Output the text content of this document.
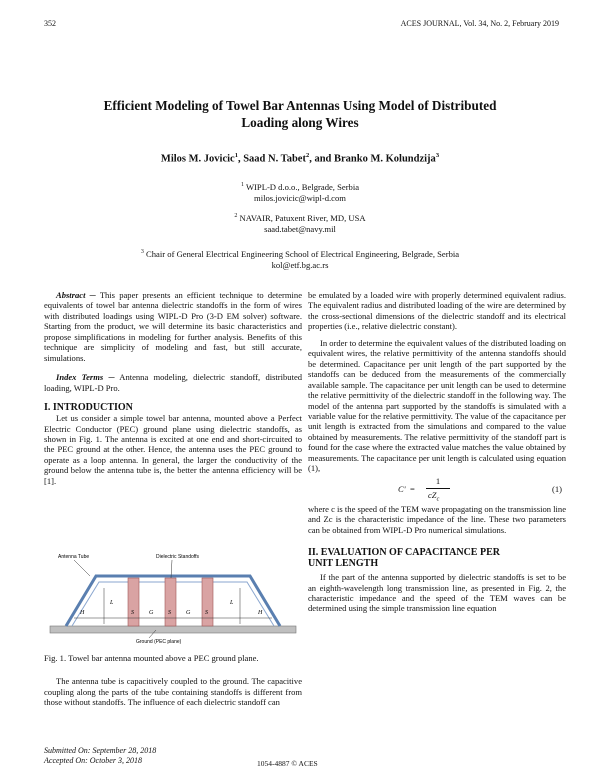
352	ACES JOURNAL, Vol. 34, No. 2, February 2019
Efficient Modeling of Towel Bar Antennas Using Model of Distributed
Loading along Wires
Milos M. Jovicic$^1$, Saad N. Tabet$^2$, and Branko M. Kolundzija$^3$
$^1$ WIPL-D d.o.o., Belgrade, Serbia
milos.jovicic@wipl-d.com
$^2$ NAVAIR, Patuxent River, MD, USA
saad.tabet@navy.mil
$^3$ Chair of General Electrical Engineering School of Electrical Engineering, Belgrade, Serbia
kol@etf.bg.ac.rs

Abstract ─ This paper presents an efficient technique to determine equivalents of towel bar antenna dielectric standoffs in the form of wires with distributed loadings using WIPL-D Pro (3-D EM solver) software. Starting from the product, we will determine its basic characteristics and propose simplifications in modeling for further analysis. Benefits of this technique are simplicity of modeling and fast, but still accurate, simulations.

Index Terms ─ Antenna modeling, dielectric standoff, distributed loading, WIPL-D Pro.

I. INTRODUCTION

Let us consider a simple towel bar antenna, mounted above a Perfect Electric Conductor (PEC) ground plane using dielectric standoffs, as shown in Fig. 1. The antenna is excited at one end and short-circuited to the PEC ground at the other. Hence, the antenna uses the PEC ground to operate as a loop antenna. In general, the larger the conductivity of the ground below the antenna tube is, the better the antenna efficiency will be [1].

Antenna Tube	Dielectric Standoffs
Ground (PEC plane)
S	S	S
G	G
H	H
L	L

Fig. 1. Towel bar antenna mounted above a PEC ground plane.

The antenna tube is capacitively coupled to the ground. The capacitive coupling along the parts of the tube containing standoffs is different from those without standoffs. The influence of each dielectric standoff can

be emulated by a loaded wire with properly determined equivalent radius. The equivalent radius and distributed loading of the wire are determined by the cross-sectional dimensions of the dielectric standoff and its electrical properties (i.e., relative dielectric constant).

In order to determine the equivalent values of the distributed loading on equivalent wires, the relative permittivity of the antenna standoffs should be determined. Capacitance per unit length of the part supported by the standoffs can be deduced from the measurements of the commercially available sample. The capacitance per unit length can be used to determine the relative permittivity of the dielectric standoff in the following way. The model of the antenna part supported by the standoffs is simulated with a variable value for the relative permittivity. The value of the capacitance per unit length is extracted from the simulations and compared to the value obtained by measurements. The relative permittivity of the standoff part is found for the case where the extracted value matches the value obtained by measurements. The capacitance per unit length is calculated using equation (1),

C' =
1
$cZ_c$
(1)

where c is the speed of the TEM wave propagating on the transmission line and Zc is the characteristic impedance of the line. These two parameters can be obtained from WIPL-D Pro numerical simulations.

II. EVALUATION OF CAPACITANCE PER

UNIT LENGTH

If the part of the antenna supported by dielectric standoffs is set to be an eighth-wavelength long transmission line, as presented in Fig. 2, the characteristic impedance and the speed of the TEM waves can be determined using the simple transmission line equation

Submitted On: September 28, 2018
Accepted On: October 3, 2018	1054-4887 © ACES
